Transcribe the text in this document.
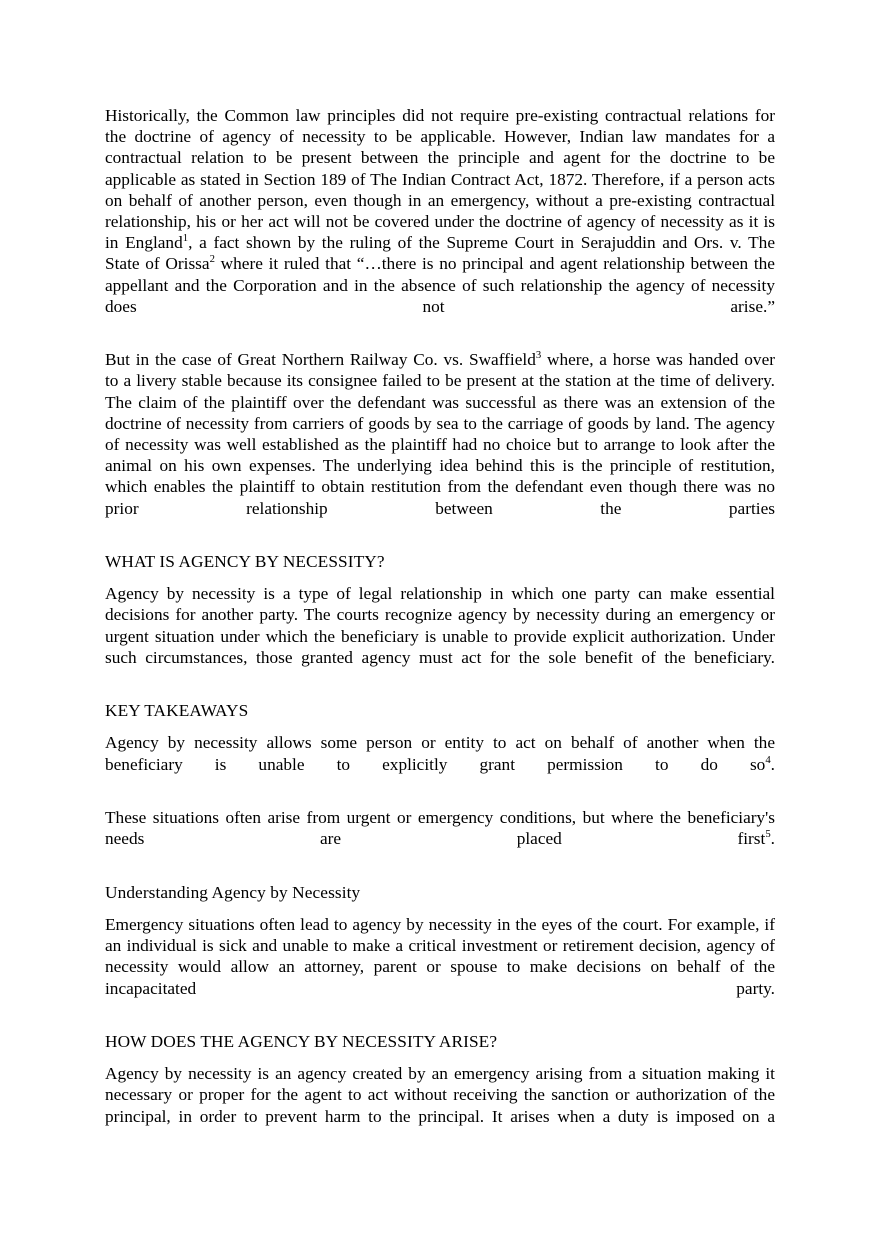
Historically, the Common law principles did not require pre-existing contractual relations for the doctrine of agency of necessity to be applicable. However, Indian law mandates for a contractual relation to be present between the principle and agent for the doctrine to be applicable as stated in Section 189 of The Indian Contract Act, 1872. Therefore, if a person acts on behalf of another person, even though in an emergency, without a pre-existing contractual relationship, his or her act will not be covered under the doctrine of agency of necessity as it is in England$^1$, a fact shown by the ruling of the Supreme Court in Serajuddin and Ors. v. The State of Orissa$^2$ where it ruled that “…there is no principal and agent relationship between the appellant and the Corporation and in the absence of such relationship the agency of necessity does not arise.”

But in the case of Great Northern Railway Co. vs. Swaffield$^3$ where, a horse was handed over to a livery stable because its consignee failed to be present at the station at the time of delivery. The claim of the plaintiff over the defendant was successful as there was an extension of the doctrine of necessity from carriers of goods by sea to the carriage of goods by land. The agency of necessity was well established as the plaintiff had no choice but to arrange to look after the animal on his own expenses. The underlying idea behind this is the principle of restitution, which enables the plaintiff to obtain restitution from the defendant even though there was no prior relationship between the parties

WHAT IS AGENCY BY NECESSITY?

Agency by necessity is a type of legal relationship in which one party can make essential decisions for another party. The courts recognize agency by necessity during an emergency or urgent situation under which the beneficiary is unable to provide explicit authorization. Under such circumstances, those granted agency must act for the sole benefit of the beneficiary.

KEY TAKEAWAYS

Agency by necessity allows some person or entity to act on behalf of another when the beneficiary is unable to explicitly grant permission to do $so^4$.

These situations often arise from urgent or emergency conditions, but where the beneficiary's needs are placed first$^5$.

Understanding Agency by Necessity

Emergency situations often lead to agency by necessity in the eyes of the court. For example, if an individual is sick and unable to make a critical investment or retirement decision, agency of necessity would allow an attorney, parent or spouse to make decisions on behalf of the incapacitated party.

HOW DOES THE AGENCY BY NECESSITY ARISE?

Agency by necessity is an agency created by an emergency arising from a situation making it necessary or proper for the agent to act without receiving the sanction or authorization of the principal, in order to prevent harm to the principal. It arises when a duty is imposed on a
